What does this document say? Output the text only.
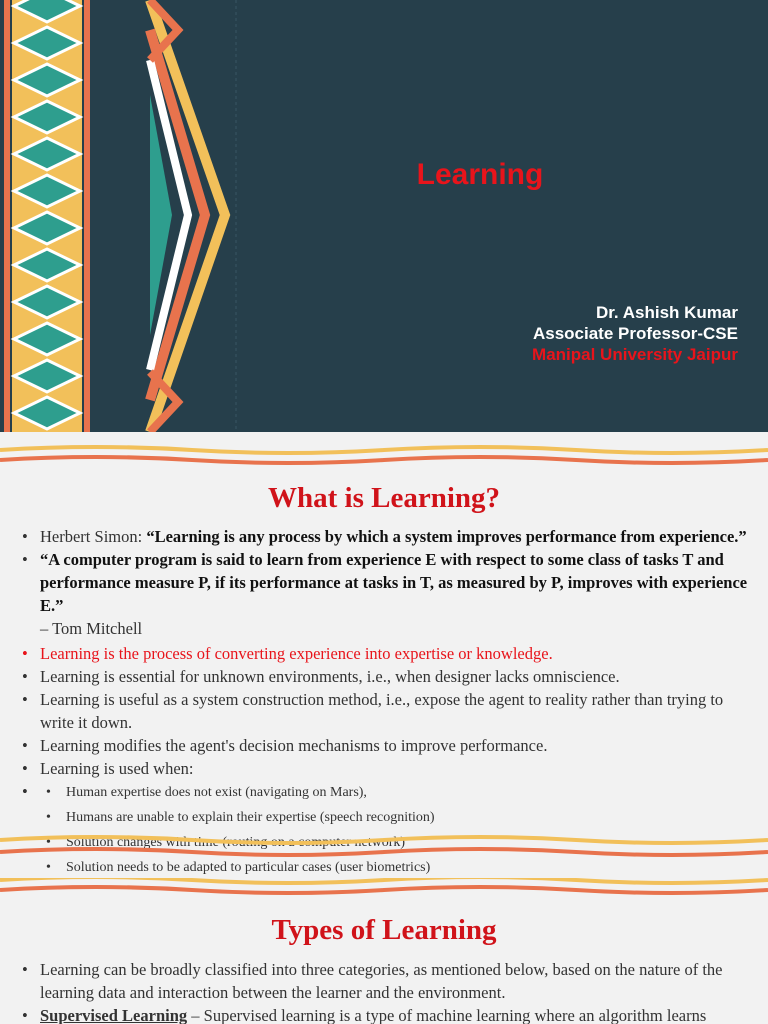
Learning
Dr. Ashish Kumar
Associate Professor-CSE
Manipal University Jaipur
What is Learning?
• Herbert Simon: “Learning is any process by which a system improves performance from experience.”
• “A computer program is said to learn from experience E with respect to some class of tasks T and performance measure P, if its performance at tasks in T, as measured by P, improves with experience E.”
– Tom Mitchell
• Learning is the process of converting experience into expertise or knowledge.
• Learning is essential for unknown environments, i.e., when designer lacks omniscience.
• Learning is useful as a system construction method, i.e., expose the agent to reality rather than trying to write it down.
• Learning modifies the agent's decision mechanisms to improve performance.
• Learning is used when:
• • Human expertise does not exist (navigating on Mars),
• Humans are unable to explain their expertise (speech recognition)
• Solution changes with time (routing on a computer network)
• Solution needs to be adapted to particular cases (user biometrics)
Types of Learning
• Learning can be broadly classified into three categories, as mentioned below, based on the nature of the learning data and interaction between the learner and the environment.
• Supervised Learning – Supervised learning is a type of machine learning where an algorithm learns
